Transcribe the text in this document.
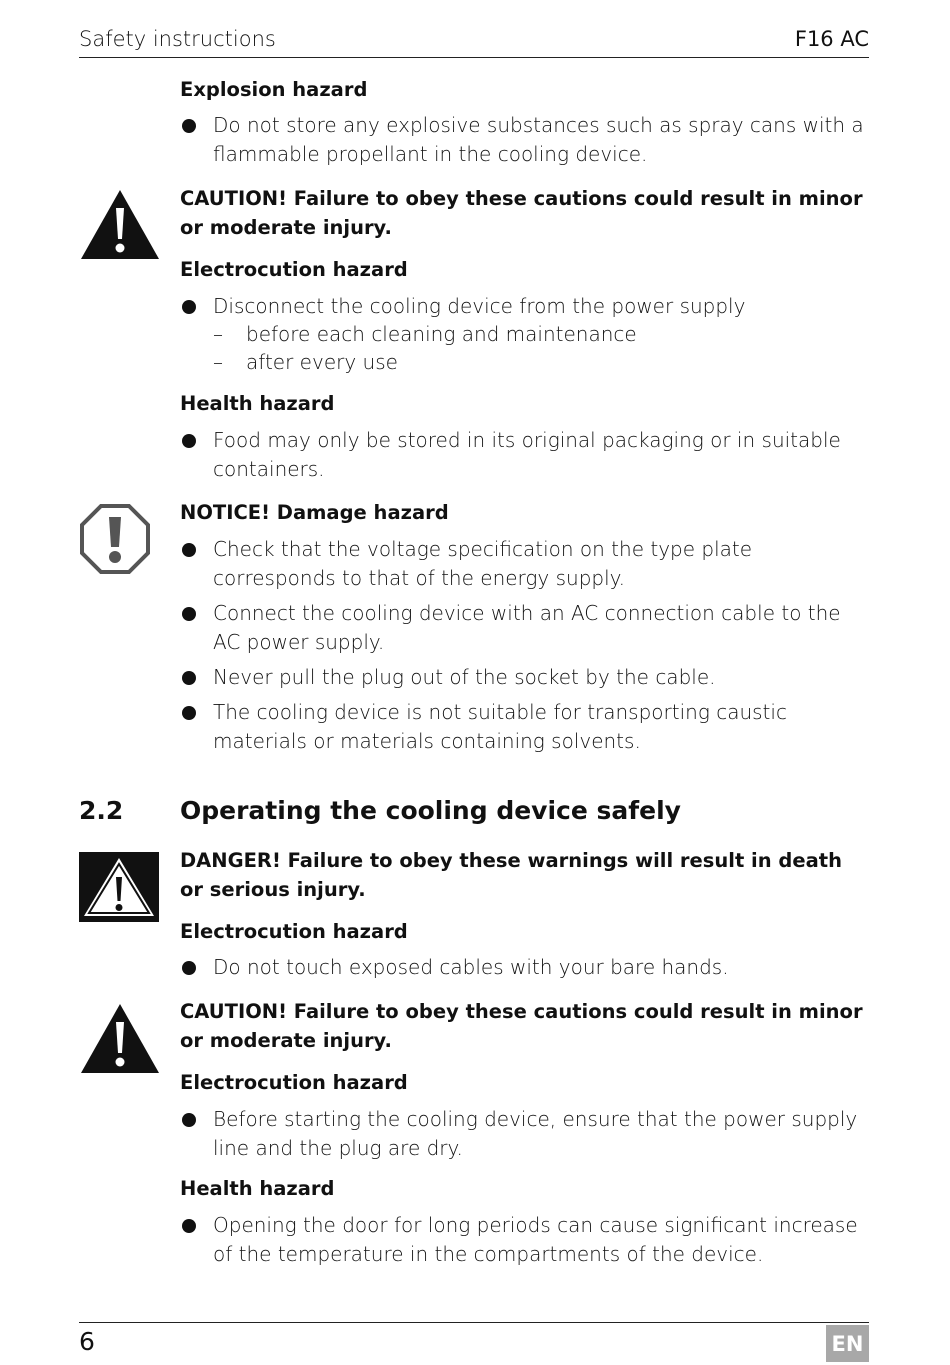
Safety instructions	F16 AC
Explosion hazard
Do not store any explosive substances such as spray cans with a flammable propellant in the cooling device.
CAUTION! Failure to obey these cautions could result in minor or moderate injury.
Electrocution hazard
Disconnect the cooling device from the power supply
– before each cleaning and maintenance
– after every use
Health hazard
Food may only be stored in its original packaging or in suitable containers.
NOTICE! Damage hazard
Check that the voltage specification on the type plate corresponds to that of the energy supply.
Connect the cooling device with an AC connection cable to the AC power supply.
Never pull the plug out of the socket by the cable.
The cooling device is not suitable for transporting caustic materials or materials containing solvents.
2.2 Operating the cooling device safely
DANGER! Failure to obey these warnings will result in death or serious injury.
Electrocution hazard
Do not touch exposed cables with your bare hands.
CAUTION! Failure to obey these cautions could result in minor or moderate injury.
Electrocution hazard
Before starting the cooling device, ensure that the power supply line and the plug are dry.
Health hazard
Opening the door for long periods can cause significant increase of the temperature in the compartments of the device.
6	EN
